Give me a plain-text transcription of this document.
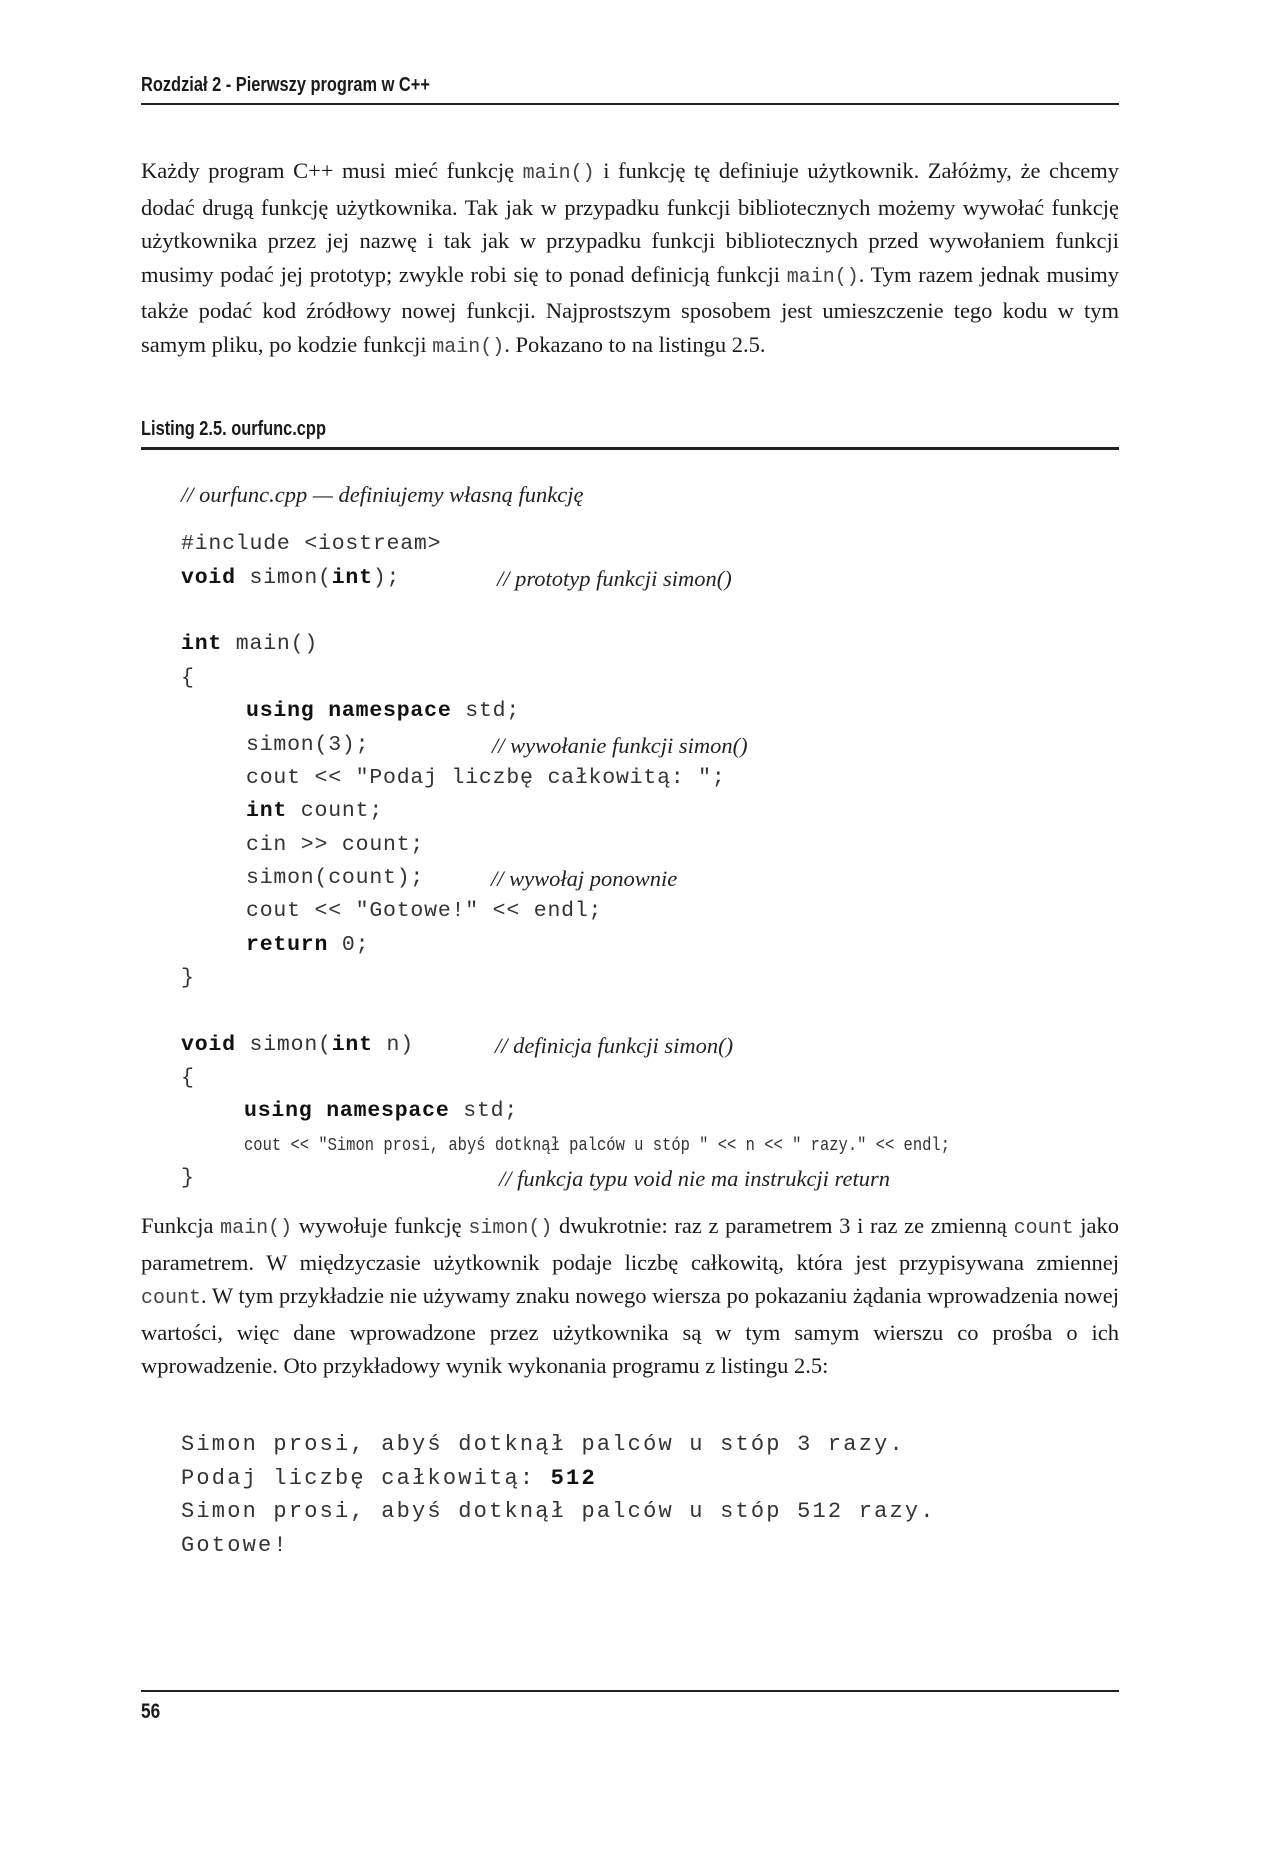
Rozdział 2 - Pierwszy program w C++

Każdy program C++ musi mieć funkcję main() i funkcję tę definiuje użytkownik. Załóżmy, że chcemy dodać drugą funkcję użytkownika. Tak jak w przypadku funkcji bibliotecznych możemy wywołać funkcję użytkownika przez jej nazwę i tak jak w przypadku funkcji bibliotecznych przed wywołaniem funkcji musimy podać jej prototyp; zwykle robi się to ponad definicją funkcji main(). Tym razem jednak musimy także podać kod źródłowy nowej funkcji. Najprostszym sposobem jest umieszczenie tego kodu w tym samym pliku, po kodzie funkcji main(). Pokazano to na listingu 2.5.

Listing 2.5. ourfunc.cpp
// ourfunc.cpp — definiujemy własną funkcję
#include <iostream>
void simon(int);	// prototyp funkcji simon()
int main()
{
using namespace std;
simon(3);	// wywołanie funkcji simon()
cout << "Podaj liczbę całkowitą: ";
int count;
cin >> count;
simon(count);	// wywołaj ponownie
cout << "Gotowe!" << endl;
return 0;
}
void simon(int n)	// definicja funkcji simon()
{
using namespace std;
cout << "Simon prosi, abyś dotknął palców u stóp " << n << " razy." << endl;
}	// funkcja typu void nie ma instrukcji return

Funkcja main() wywołuje funkcję simon() dwukrotnie: raz z parametrem 3 i raz ze zmienną count jako parametrem. W międzyczasie użytkownik podaje liczbę całkowitą, która jest przypisywana zmiennej count. W tym przykładzie nie używamy znaku nowego wiersza po pokazaniu żądania wprowadzenia nowej wartości, więc dane wprowadzone przez użytkownika są w tym samym wierszu co prośba o ich wprowadzenie. Oto przykładowy wynik wykonania programu z listingu 2.5:

Simon prosi, abyś dotknął palców u stóp 3 razy.
Podaj liczbę całkowitą: 512
Simon prosi, abyś dotknął palców u stóp 512 razy.
Gotowe!
56
